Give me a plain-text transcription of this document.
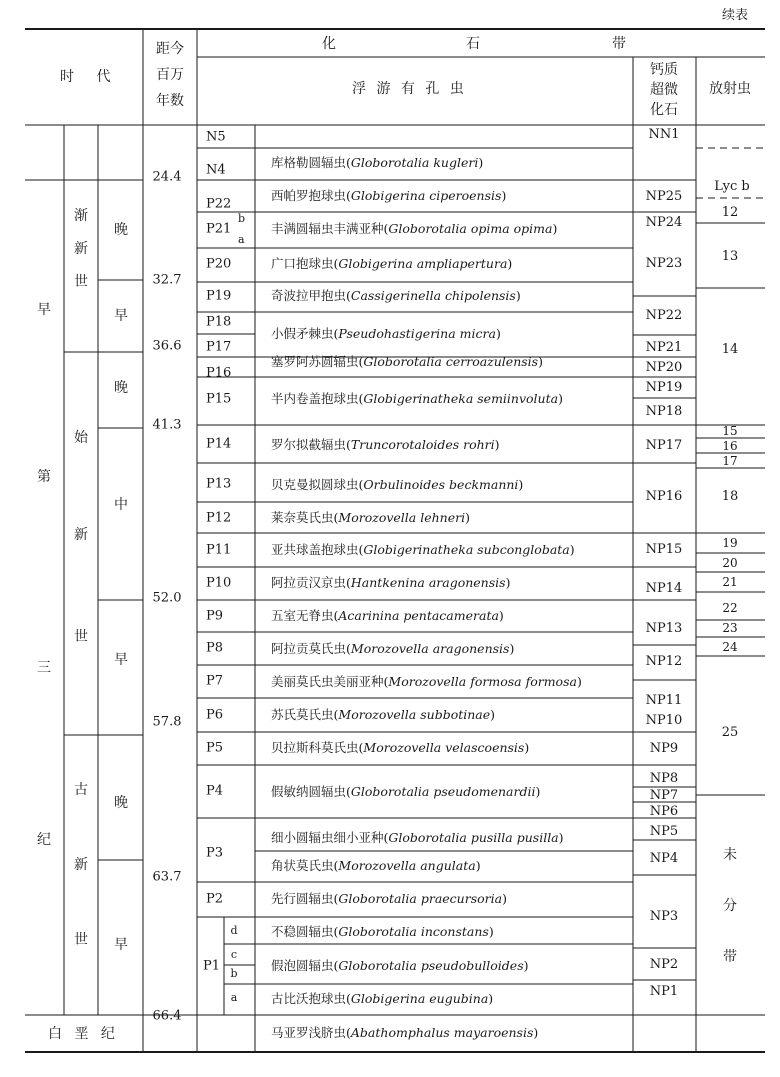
续表
时 代
距今
百万
年数
化	石	带
浮 游 有 孔 虫
钙质
超微
化石
放射虫
早
第
三
纪
白 垩 纪
渐
新
世
始
新
世
古
新
世
晚
早
晚
中
早
晚
早
24.4
32.7
36.6
41.3
52.0
57.8
63.7
66.4
N5
N4
P22
P21
b
a
P20
P19
P18
P17
P16
P15
P14
P13
P12
P11
P10
P9
P8
P7
P6
P5
P4
P3
P2
P1
d
c
b
a
库格勒圆辐虫(Globorotalia kugleri)
西帕罗抱球虫(Globigerina ciperoensis)
丰满圆辐虫丰满亚种(Globorotalia opima opima)
广口抱球虫(Globigerina ampliapertura)
奇波拉甲抱虫(Cassigerinella chipolensis)
小假矛棘虫(Pseudohastigerina micra)
塞罗阿苏圆辐虫(Globorotalia cerroazulensis)
半内卷盖抱球虫(Globigerinatheka semiinvoluta)
罗尔拟截辐虫(Truncorotaloides rohri)
贝克曼拟圆球虫(Orbulinoides beckmanni)
莱奈莫氏虫(Morozovella lehneri)
亚共球盖抱球虫(Globigerinatheka subconglobata)
阿拉贡汉京虫(Hantkenina aragonensis)
五室无脊虫(Acarinina pentacamerata)
阿拉贡莫氏虫(Morozovella aragonensis)
美丽莫氏虫美丽亚种(Morozovella formosa formosa)
苏氏莫氏虫(Morozovella subbotinae)
贝拉斯科莫氏虫(Morozovella velascoensis)
假敏纳圆辐虫(Globorotalia pseudomenardii)
细小圆辐虫细小亚种(Globorotalia pusilla pusilla)
角状莫氏虫(Morozovella angulata)
先行圆辐虫(Globorotalia praecursoria)
不稳圆辐虫(Globorotalia inconstans)
假泡圆辐虫(Globorotalia pseudobulloides)
古比沃抱球虫(Globigerina eugubina)
马亚罗浅脐虫(Abathomphalus mayaroensis)
NN1
NP25
NP24
NP23
NP22
NP21
NP20
NP19
NP18
NP17
NP16
NP15
NP14
NP13
NP12
NP11
NP10
NP9
NP8
NP7
NP6
NP5
NP4
NP3
NP2
NP1
Lyc b
12
13
14
15
16
17
18
19
20
21
22
23
24
25
未
分
带
